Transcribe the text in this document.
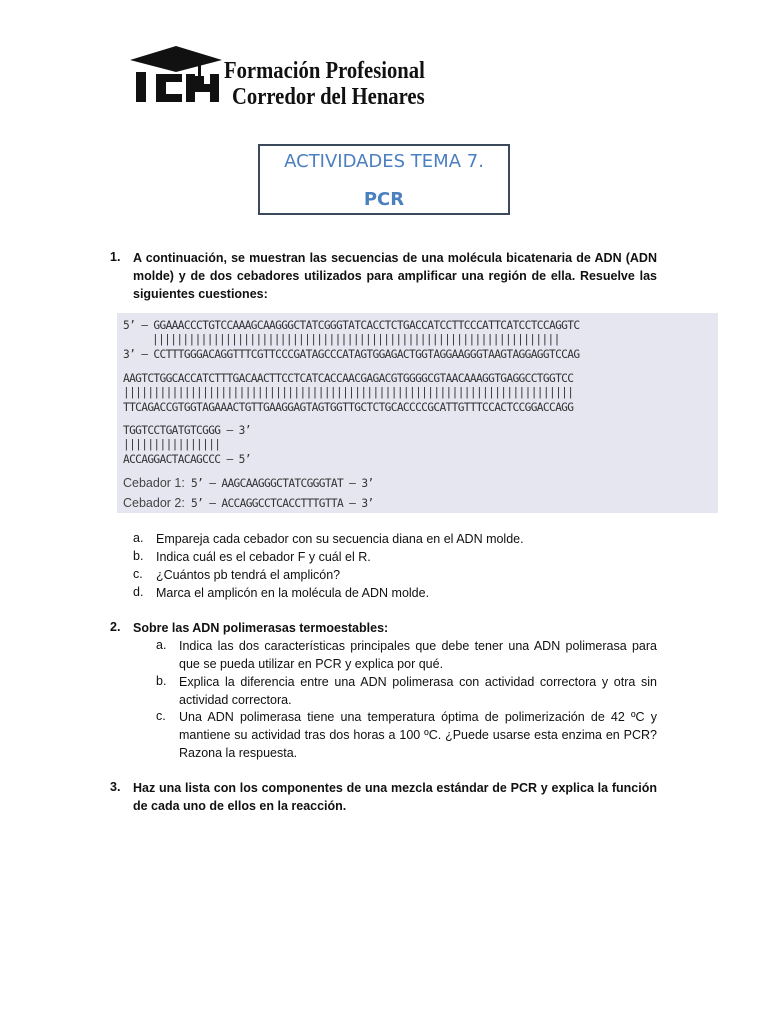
Formación Profesional
Corredor del Henares
ACTIVIDADES TEMA 7.
PCR
1. A continuación, se muestran las secuencias de una molécula bicatenaria de ADN (ADN molde) y de dos cebadores utilizados para amplificar una región de ella. Resuelve las siguientes cuestiones:
5’ — GGAAACCCTGTCCAAAGCAAGGGCTATCGGGTATCACCTCTGACCATCCTTCCCATTCATCCTCCAGGTC
|||||||||||||||||||||||||||||||||||||||||||||||||||||||||||||||||||
3’ — CCTTTGGGACAGGTTTCGTTCCCGATAGCCCATAGTGGAGACTGGTAGGAAGGGTAAGTAGGAGGTCCAG
AAGTCTGGCACCATCTTTGACAACTTCCTCATCACCAACGAGACGTGGGGCGTAACAAAGGTGAGGCCTGGTCC
||||||||||||||||||||||||||||||||||||||||||||||||||||||||||||||||||||||||||
TTCAGACCGTGGTAGAAACTGTTGAAGGAGTAGTGGTTGCTCTGCACCCCGCATTGTTTCCACTCCGGACCAGG
TGGTCCTGATGTCGGG — 3’
||||||||||||||||
ACCAGGACTACAGCCC — 5’
Cebador 1: 5’ — AAGCAAGGGCTATCGGGTAT — 3’
Cebador 2: 5’ — ACCAGGCCTCACCTTTGTTA — 3’
a. Empareja cada cebador con su secuencia diana en el ADN molde.
b. Indica cuál es el cebador F y cuál el R.
c. ¿Cuántos pb tendrá el amplicón?
d. Marca el amplicón en la molécula de ADN molde.
2. Sobre las ADN polimerasas termoestables:
a. Indica las dos características principales que debe tener una ADN polimerasa para que se pueda utilizar en PCR y explica por qué.
b. Explica la diferencia entre una ADN polimerasa con actividad correctora y otra sin actividad correctora.
c. Una ADN polimerasa tiene una temperatura óptima de polimerización de 42 ºC y mantiene su actividad tras dos horas a 100 ºC. ¿Puede usarse esta enzima en PCR? Razona la respuesta.
3. Haz una lista con los componentes de una mezcla estándar de PCR y explica la función de cada uno de ellos en la reacción.
